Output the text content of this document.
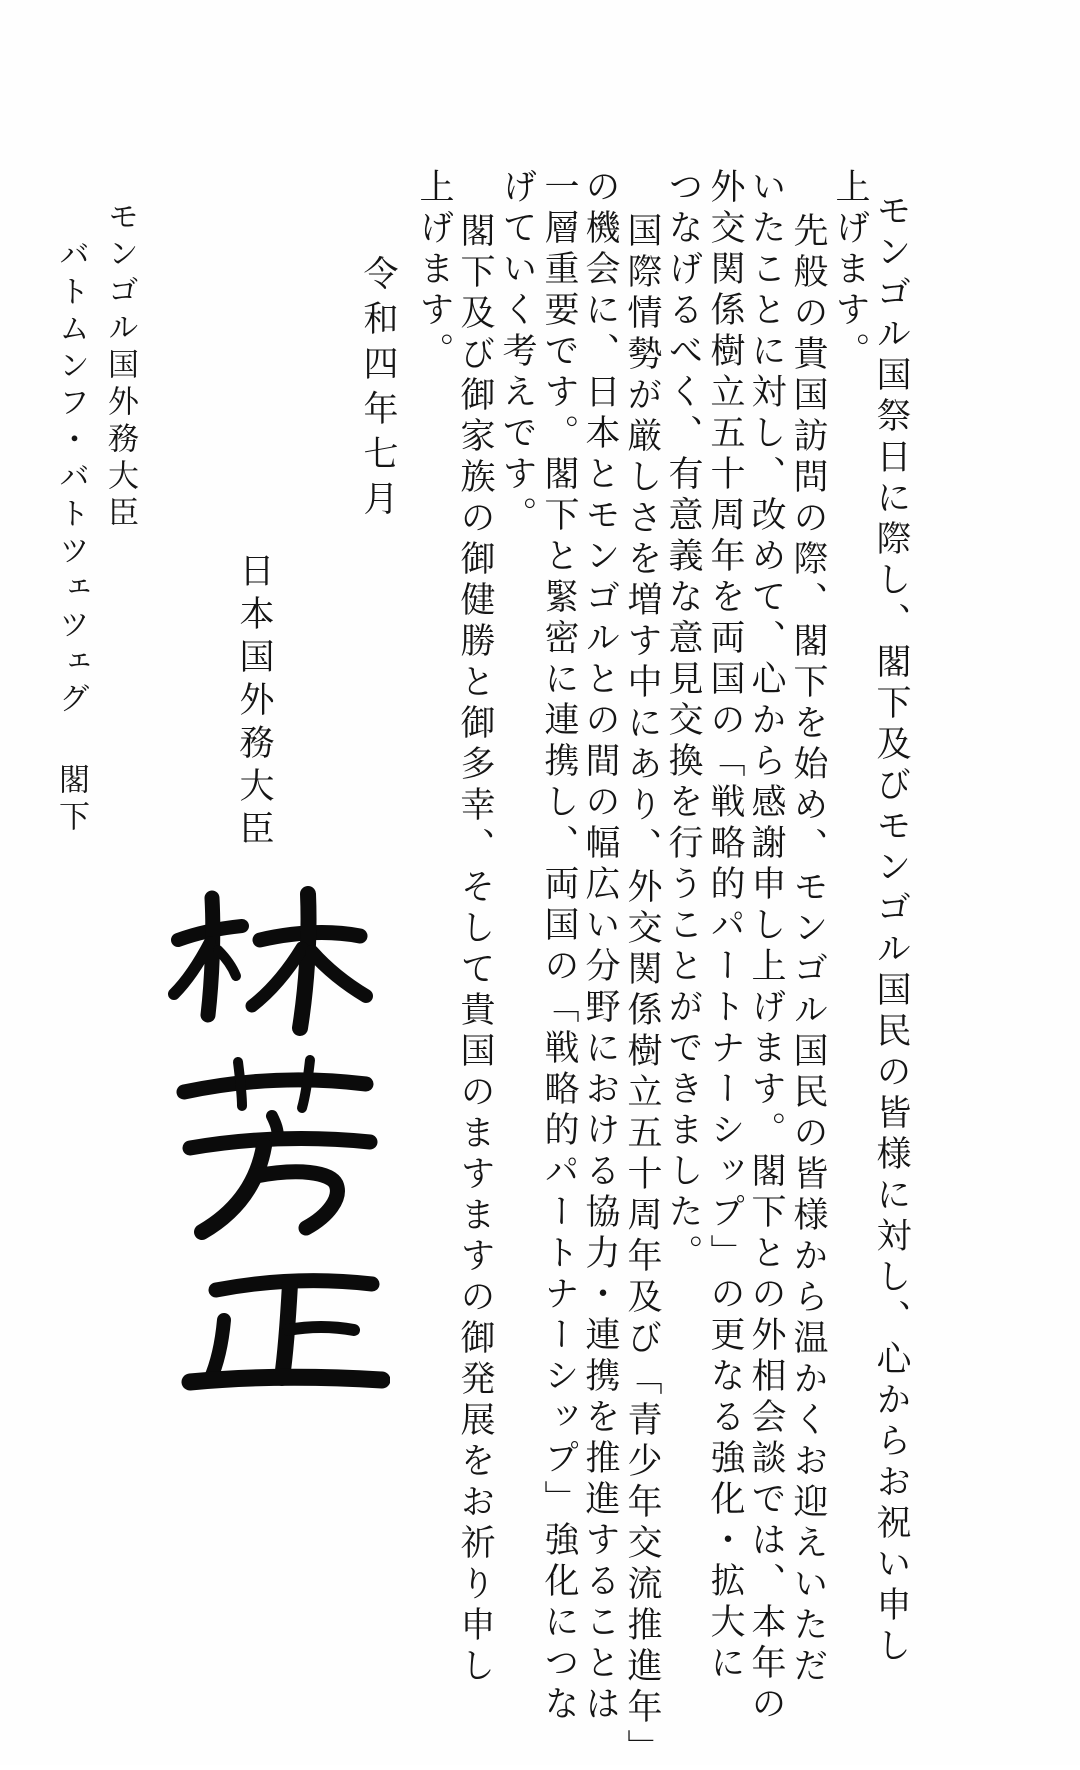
モンゴル国祭日に際し、閣下及びモンゴル国民の皆様に対し、心からお祝い申し
上げます。
先般の貴国訪問の際、閣下を始め、モンゴル国民の皆様から温かくお迎えいただ
いたことに対し、改めて、心から感謝申し上げます。閣下との外相会談では、本年の
外交関係樹立五十周年を両国の「戦略的パートナーシップ」の更なる強化・拡大に
つなげるべく、有意義な意見交換を行うことができました。
国際情勢が厳しさを増す中にあり、外交関係樹立五十周年及び「青少年交流推進年」
の機会に、日本とモンゴルとの間の幅広い分野における協力・連携を推進することは
一層重要です。閣下と緊密に連携し、両国の「戦略的パートナーシップ」強化につな
げていく考えです。
閣下及び御家族の御健勝と御多幸、そして貴国のますますの御発展をお祈り申し
上げます。
令和四年七月
日本国外務大臣
モンゴル国外務大臣
バトムンフ・バトツェツェグ閣下
